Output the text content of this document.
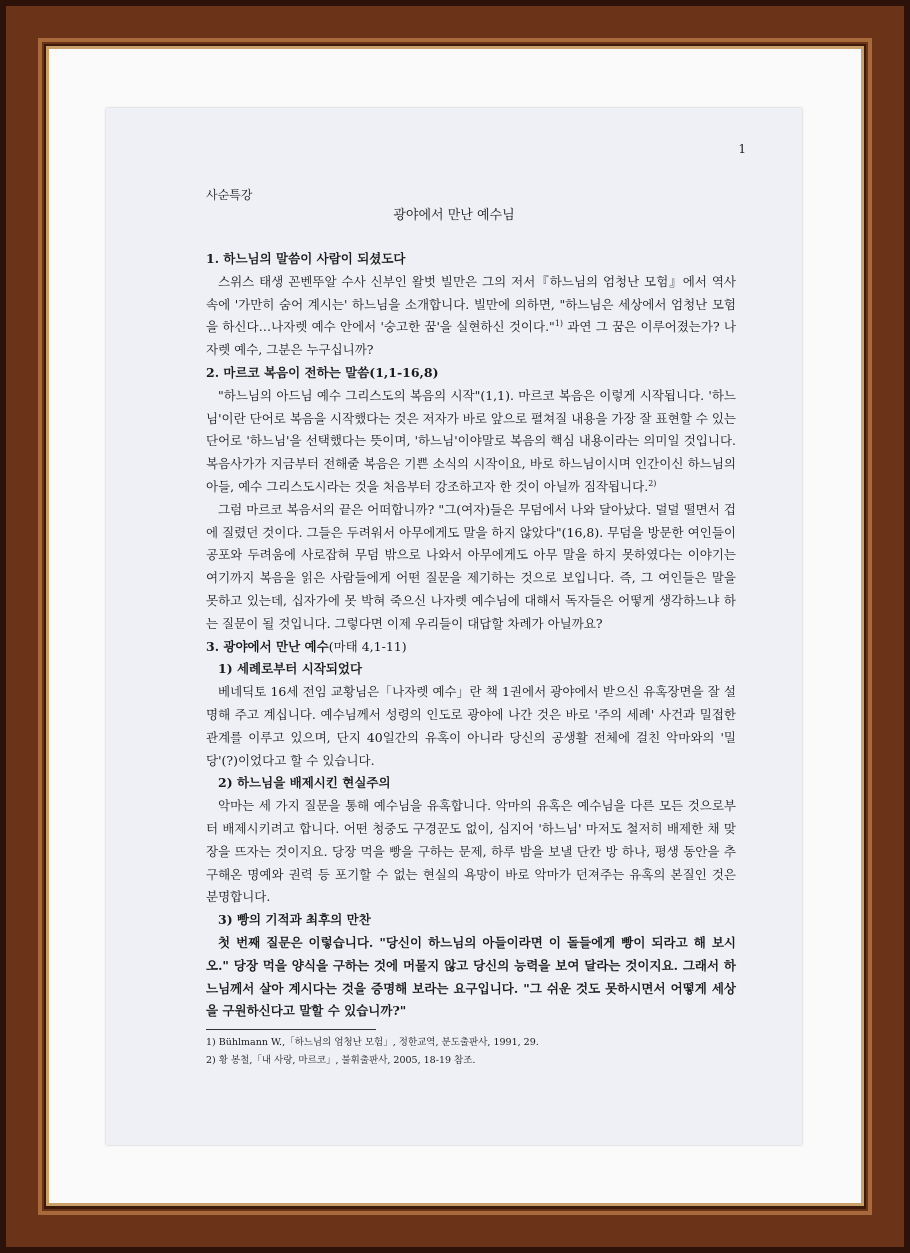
1
사순특강
광야에서 만난 예수님

1. 하느님의 말씀이 사람이 되셨도다

스위스 태생 꼰벤뚜알 수사 신부인 왈벗 빌만은 그의 저서『하느님의 엄청난 모험』에서 역사 속에 '가만히 숨어 계시는' 하느님을 소개합니다. 빌만에 의하면, "하느님은 세상에서 엄청난 모험을 하신다…나자렛 예수 안에서 '숭고한 꿈'을 실현하신 것이다."$^{1)}$ 과연 그 꿈은 이루어졌는가? 나자렛 예수, 그분은 누구십니까?

2. 마르코 복음이 전하는 말씀(1,1-16,8)

"하느님의 아드님 예수 그리스도의 복음의 시작"(1,1). 마르코 복음은 이렇게 시작됩니다. '하느님'이란 단어로 복음을 시작했다는 것은 저자가 바로 앞으로 펼쳐질 내용을 가장 잘 표현할 수 있는 단어로 '하느님'을 선택했다는 뜻이며, '하느님'이야말로 복음의 핵심 내용이라는 의미일 것입니다. 복음사가가 지금부터 전해줄 복음은 기쁜 소식의 시작이요, 바로 하느님이시며 인간이신 하느님의 아들, 예수 그리스도시라는 것을 처음부터 강조하고자 한 것이 아닐까 짐작됩니다.$^{2)}$

그럼 마르코 복음서의 끝은 어떠합니까? "그(여자)들은 무덤에서 나와 달아났다. 덜덜 떨면서 겁에 질렸던 것이다. 그들은 두려워서 아무에게도 말을 하지 않았다"(16,8). 무덤을 방문한 여인들이 공포와 두려움에 사로잡혀 무덤 밖으로 나와서 아무에게도 아무 말을 하지 못하였다는 이야기는 여기까지 복음을 읽은 사람들에게 어떤 질문을 제기하는 것으로 보입니다. 즉, 그 여인들은 말을 못하고 있는데, 십자가에 못 박혀 죽으신 나자렛 예수님에 대해서 독자들은 어떻게 생각하느냐 하는 질문이 될 것입니다. 그렇다면 이제 우리들이 대답할 차례가 아닐까요?

3. 광야에서 만난 예수(마태 4,1-11)

1) 세례로부터 시작되었다

베네딕토 16세 전임 교황님은「나자렛 예수」란 책 1권에서 광야에서 받으신 유혹장면을 잘 설명해 주고 계십니다. 예수님께서 성령의 인도로 광야에 나간 것은 바로 '주의 세례' 사건과 밀접한 관계를 이루고 있으며, 단지 40일간의 유혹이 아니라 당신의 공생활 전체에 걸친 악마와의 '밀당'(?)이었다고 할 수 있습니다.

2) 하느님을 배제시킨 현실주의

악마는 세 가지 질문을 통해 예수님을 유혹합니다. 악마의 유혹은 예수님을 다른 모든 것으로부터 배제시키려고 합니다. 어떤 청중도 구경꾼도 없이, 심지어 '하느님' 마저도 철저히 배제한 채 맞장을 뜨자는 것이지요. 당장 먹을 빵을 구하는 문제, 하루 밤을 보낼 단칸 방 하나, 평생 동안을 추구해온 명예와 권력 등 포기할 수 없는 현실의 욕망이 바로 악마가 던져주는 유혹의 본질인 것은 분명합니다.

3) 빵의 기적과 최후의 만찬

첫 번째 질문은 이렇습니다. "당신이 하느님의 아들이라면 이 돌들에게 빵이 되라고 해 보시오." 당장 먹을 양식을 구하는 것에 머물지 않고 당신의 능력을 보여 달라는 것이지요. 그래서 하느님께서 살아 계시다는 것을 증명해 보라는 요구입니다. "그 쉬운 것도 못하시면서 어떻게 세상을 구원하신다고 말할 수 있습니까?"

1) Bühlmann W.,「하느님의 엄청난 모험」, 정한교역, 분도출판사, 1991, 29.

2) 황 봉철,「내 사랑, 마르코」, 불휘출판사, 2005, 18-19 참조.
